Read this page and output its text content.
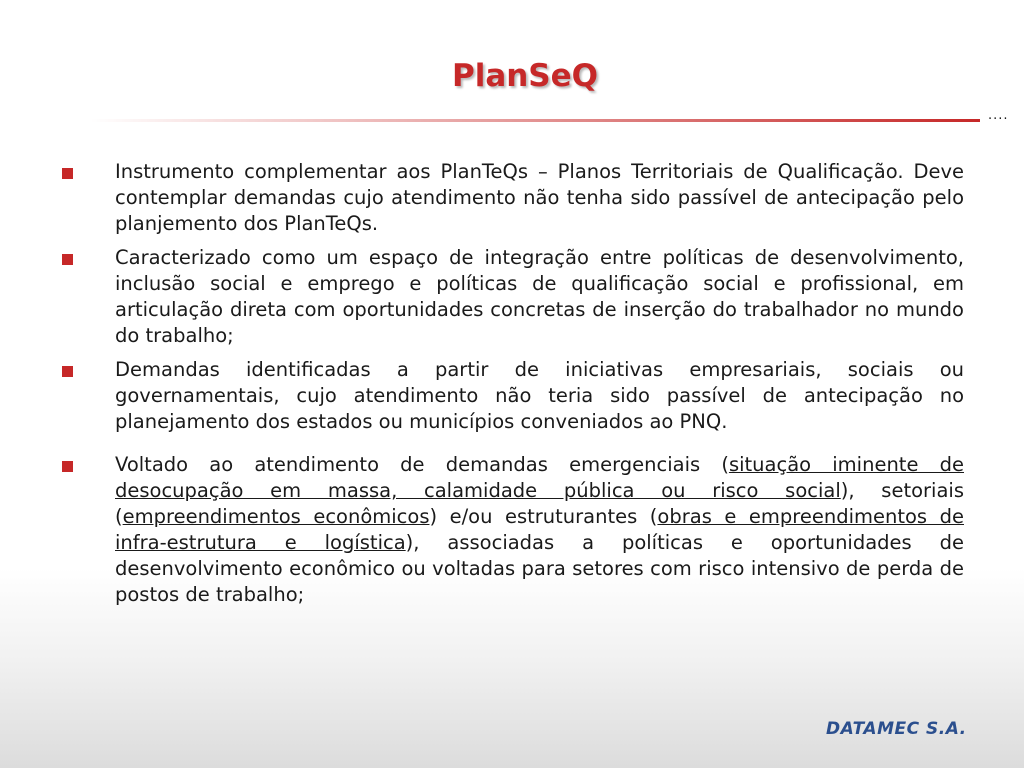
PlanSeQ
....
Instrumento complementar aos PlanTeQs – Planos Territoriais de Qualificação. Deve contemplar demandas cujo atendimento não tenha sido passível de antecipação pelo planjemento dos PlanTeQs.
Caracterizado como um espaço de integração entre políticas de desenvolvimento, inclusão social e emprego e políticas de qualificação social e profissional, em articulação direta com oportunidades concretas de inserção do trabalhador no mundo do trabalho;
Demandas identificadas a partir de iniciativas empresariais, sociais ou governamentais, cujo atendimento não teria sido passível de antecipação no planejamento dos estados ou municípios conveniados ao PNQ.
Voltado ao atendimento de demandas emergenciais (situação iminente de desocupação em massa, calamidade pública ou risco social), setoriais (empreendimentos econômicos) e/ou estruturantes (obras e empreendimentos de infra-estrutura e logística), associadas a políticas e oportunidades de desenvolvimento econômico ou voltadas para setores com risco intensivo de perda de postos de trabalho;
DATAMEC S.A.
